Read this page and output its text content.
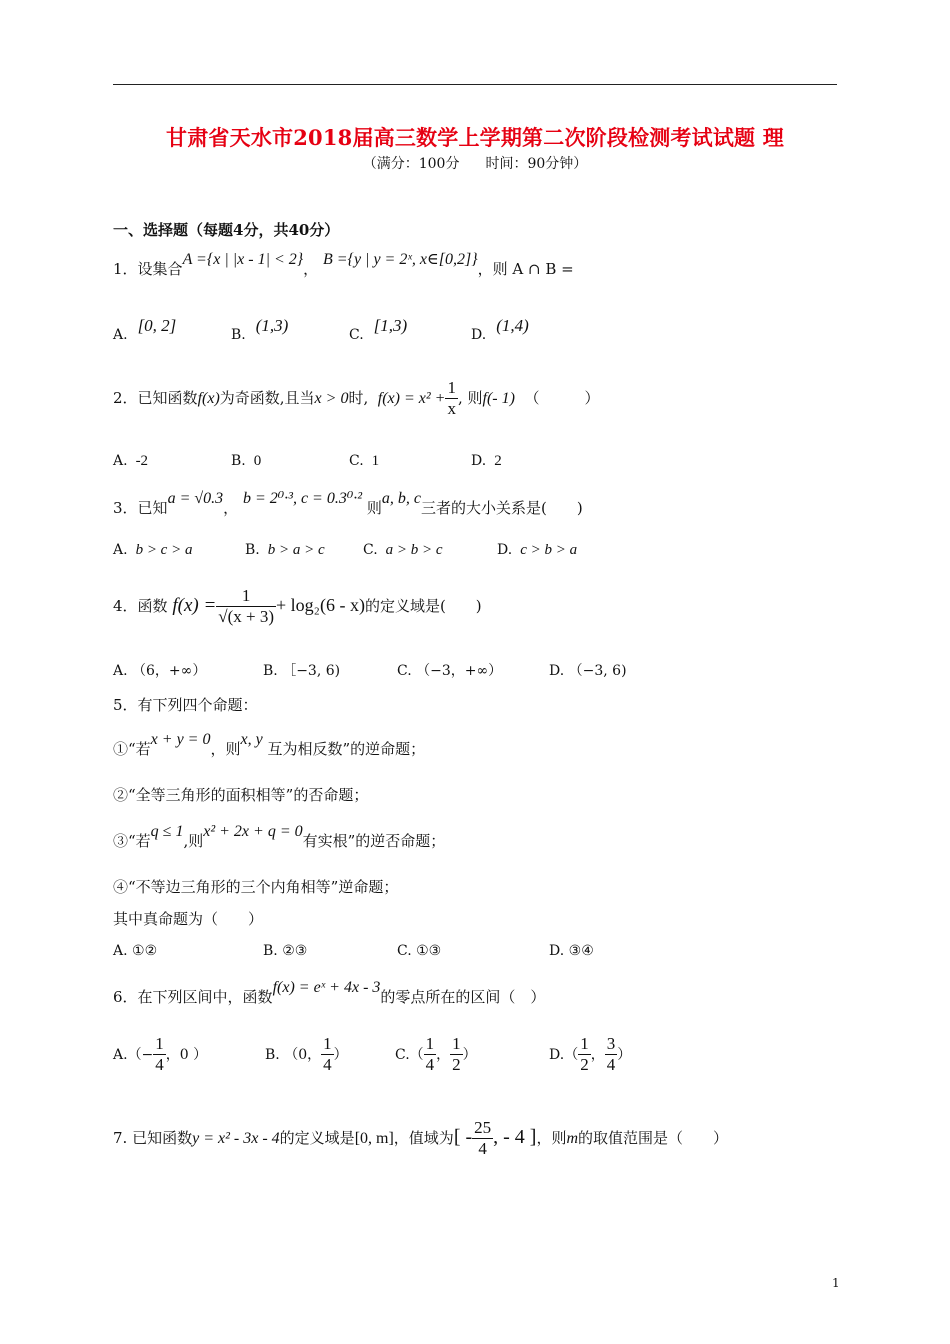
甘肃省天水市2018届高三数学上学期第二次阶段检测考试试题 理
（满分：100分 时间：90分钟）
一、选择题（每题4分，共40分）
1．设集合A ={x | |x - 1| < 2}， B ={y | y = 2ˣ, x∈[0,2]}，则 A ∩ B =
A. [0, 2]	B. (1,3)	C. [1,3)	D. (1,4)
2．已知函数f(x)为奇函数,且当x > 0时, $f(x) = x^2 + \frac{1}{x}$ , 则f(- 1) （　　　）
A. -2	B. 0	C. 1	D. 2
3．已知a = √0.3， b = 2⁰·³, c = 0.3⁰·² 则a, b, c三者的大小关系是(　　)
A. b > c > a	B. b > a > c	C. a > b > c	D. c > b > a
4．函数 $f(x) = \frac{1}{√(x + 3)} + \log_2(6 - x)$的定义域是(　　)
A. （6，+∞）	B. ［−3, 6)	C. （−3，+∞）	D. （−3, 6)
5．有下列四个命题：
①“若x + y = 0，则x, y 互为相反数”的逆命题；
②“全等三角形的面积相等”的否命题；
③“若q ≤ 1,则x² + 2x + q = 0有实根”的逆否命题；
④“不等边三角形的三个内角相等”逆命题；
其中真命题为（　　）
A. ①②	B. ②③	C. ①③	D. ③④
6．在下列区间中，函数f(x) = eˣ + 4x - 3的零点所在的区间（　）
$A.(- \frac{1}{4}$ ，0 ）	B. （0， $\frac{1}{4}$ ）	$C.( \frac{1}{4}$ ， $\frac{1}{2}$ ）	$D.( \frac{1}{2}$ ， $\frac{3}{4}$ ）
7. 已知函数y = x² - 3x - 4的定义域是[0, m]，值域为[ - $\frac{25}{4}$ , - 4 ]，则m的取值范围是（　　）
1
